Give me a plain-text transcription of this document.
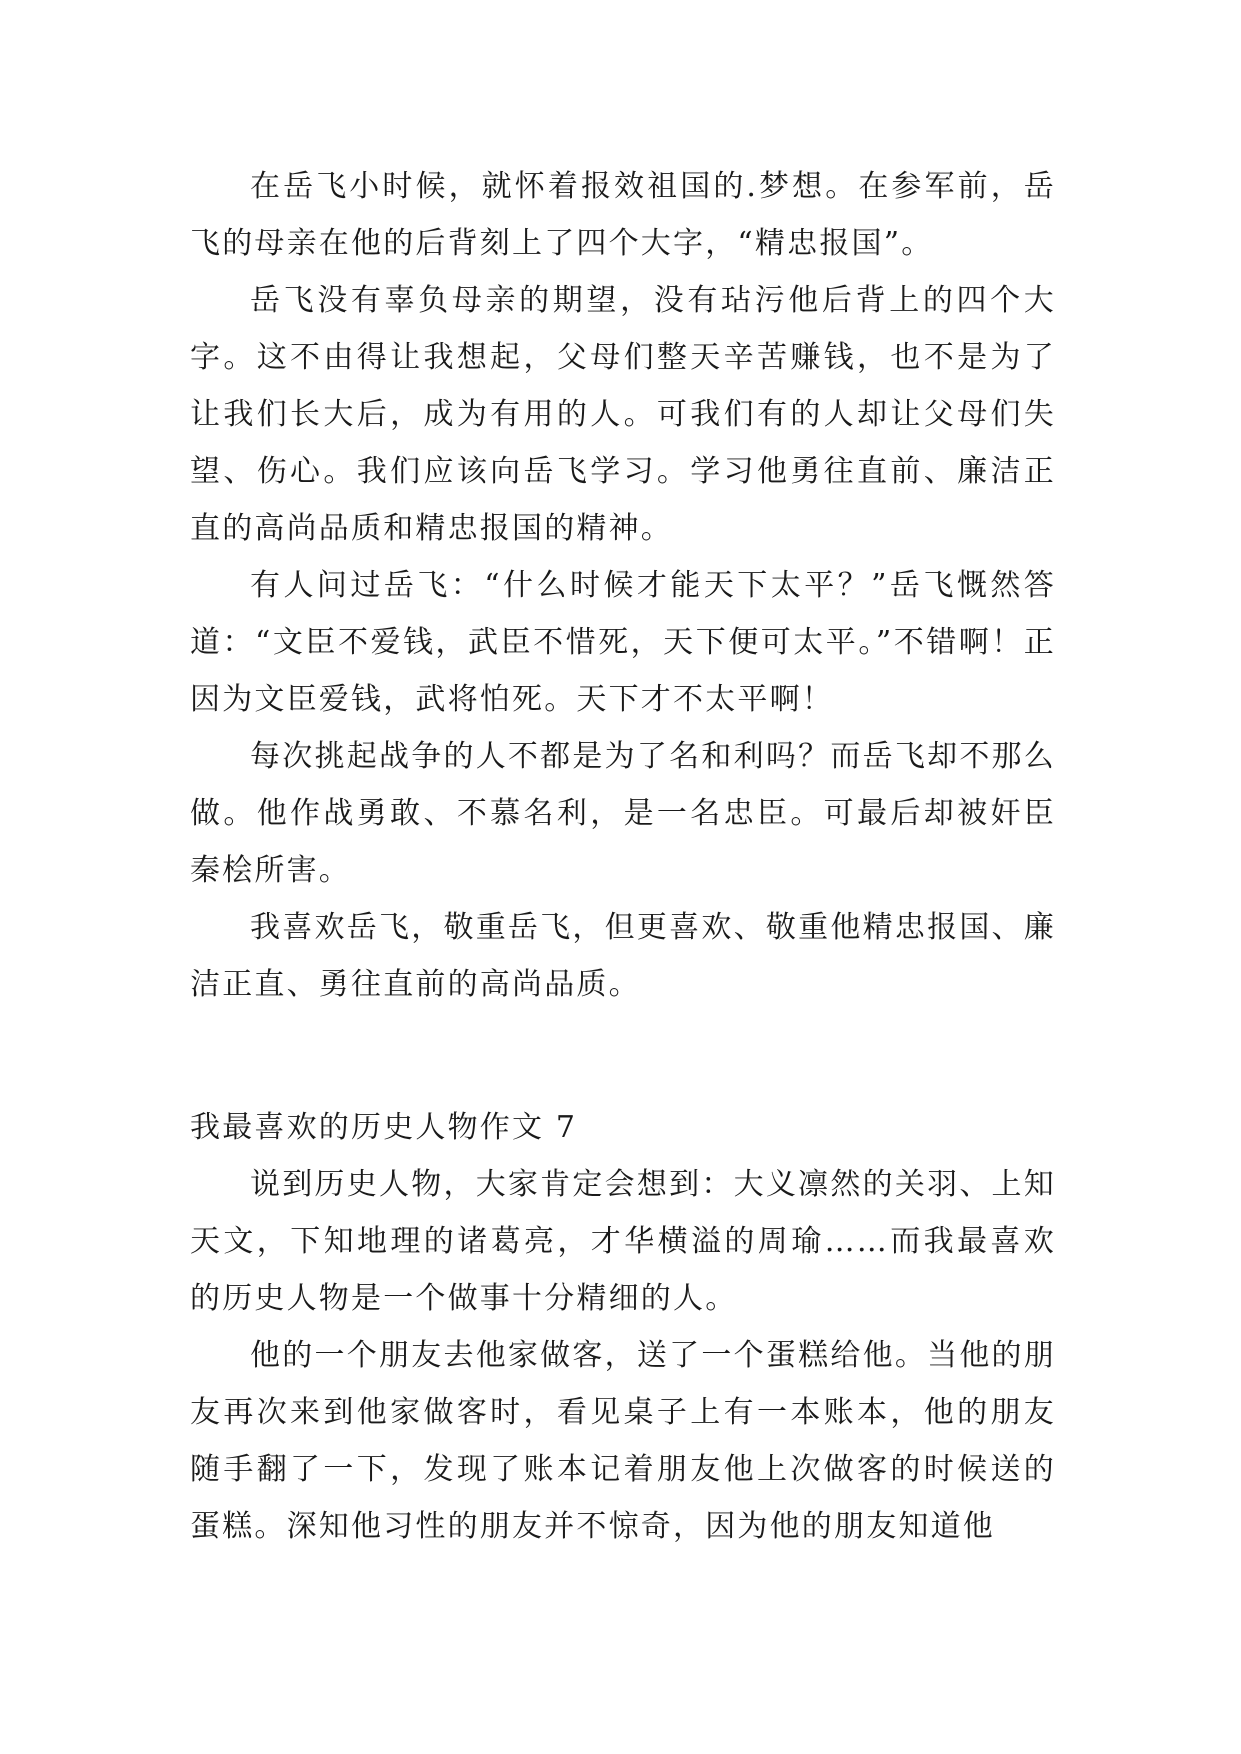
在岳飞小时候，就怀着报效祖国的.梦想。在参军前，岳飞的母亲在他的后背刻上了四个大字，“精忠报国”。

岳飞没有辜负母亲的期望，没有玷污他后背上的四个大字。这不由得让我想起，父母们整天辛苦赚钱，也不是为了让我们长大后，成为有用的人。可我们有的人却让父母们失望、伤心。我们应该向岳飞学习。学习他勇往直前、廉洁正直的高尚品质和精忠报国的精神。

有人问过岳飞：“什么时候才能天下太平？”岳飞慨然答道：“文臣不爱钱，武臣不惜死，天下便可太平。”不错啊！正因为文臣爱钱，武将怕死。天下才不太平啊！

每次挑起战争的人不都是为了名和利吗？而岳飞却不那么做。他作战勇敢、不慕名利，是一名忠臣。可最后却被奸臣秦桧所害。

我喜欢岳飞，敬重岳飞，但更喜欢、敬重他精忠报国、廉洁正直、勇往直前的高尚品质。

我最喜欢的历史人物作文 7

说到历史人物，大家肯定会想到：大义凛然的关羽、上知天文，下知地理的诸葛亮，才华横溢的周瑜……而我最喜欢的历史人物是一个做事十分精细的人。

他的一个朋友去他家做客，送了一个蛋糕给他。当他的朋友再次来到他家做客时，看见桌子上有一本账本，他的朋友随手翻了一下，发现了账本记着朋友他上次做客的时候送的蛋糕。深知他习性的朋友并不惊奇，因为他的朋友知道他
